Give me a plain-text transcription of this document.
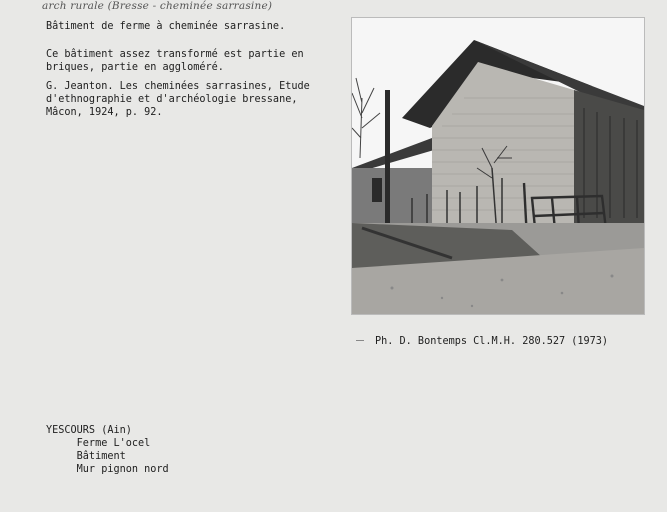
arch rurale (Bresse - cheminée sarrasine)
Bâtiment de ferme à cheminée sarrasine.
Ce bâtiment assez transformé est partie en
briques, partie en aggloméré.
G. Jeanton. Les cheminées sarrasines, Etude
d'ethnographie et d'archéologie bressane,
Mâcon, 1924, p. 92.
Ph. D. Bontemps Cl.M.H. 280.527 (1973)
YESCOURS (Ain)
Ferme L'ocel
Bâtiment
Mur pignon nord
